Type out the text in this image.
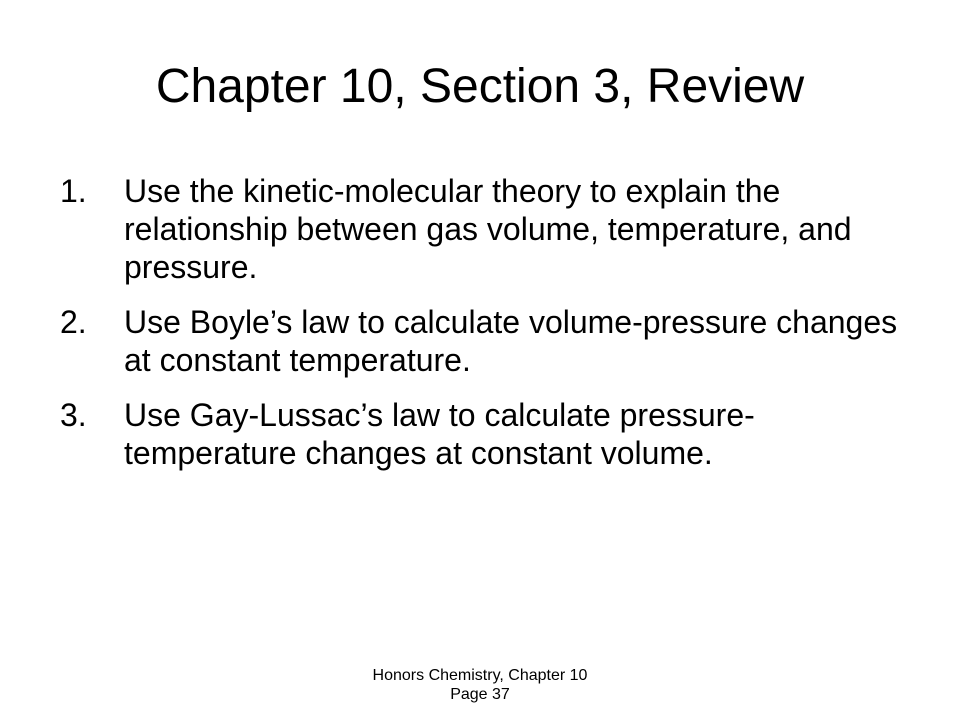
Chapter 10, Section 3, Review
1. Use the kinetic-molecular theory to explain the relationship between gas volume, temperature, and pressure.
2. Use Boyle’s law to calculate volume-pressure changes at constant temperature.
3. Use Gay-Lussac’s law to calculate pressure-temperature changes at constant volume.
Honors Chemistry, Chapter 10
Page 37
